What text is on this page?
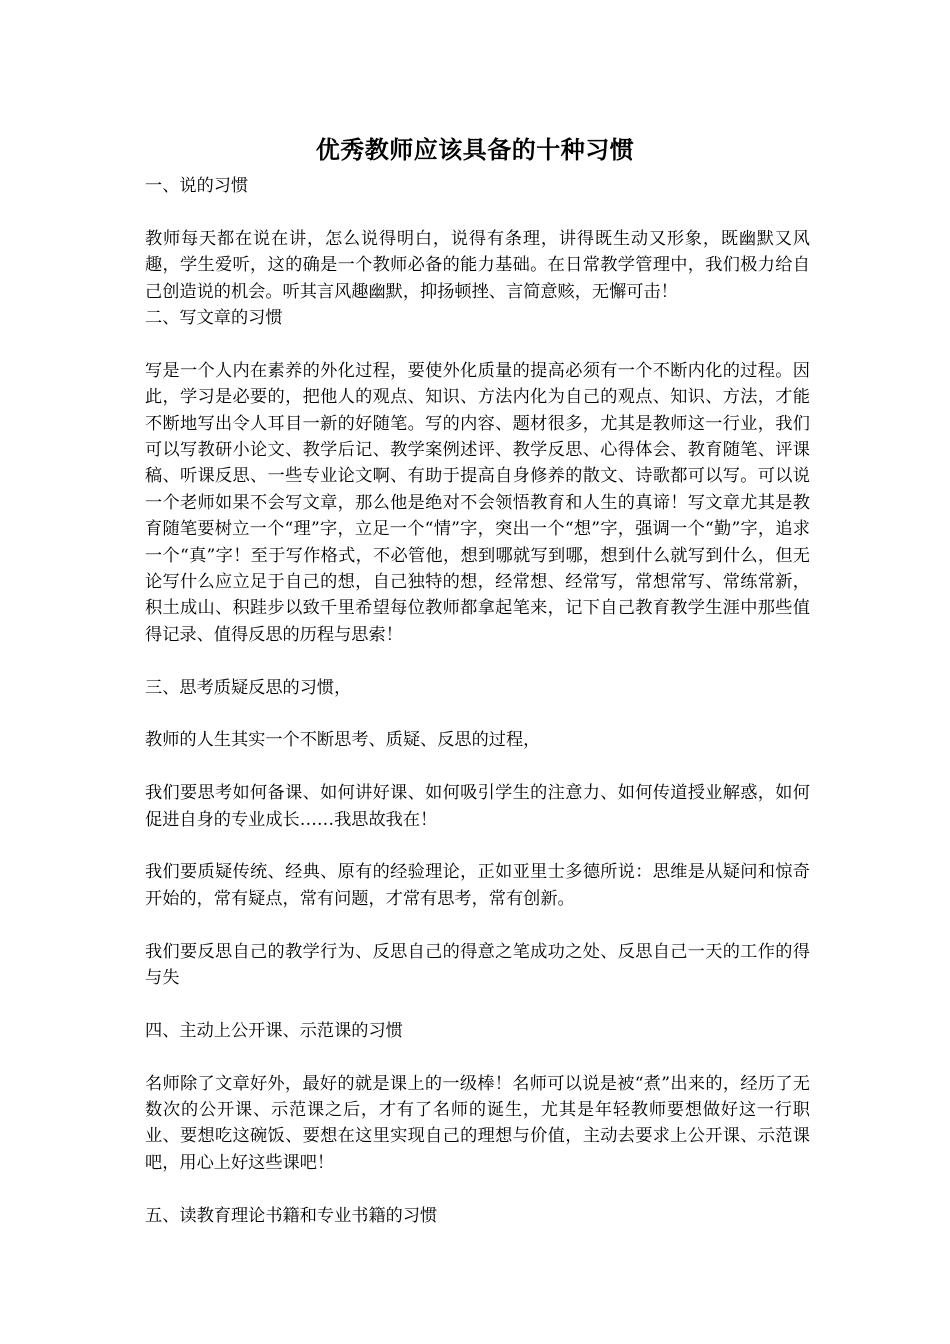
优秀教师应该具备的十种习惯

一、说的习惯

教师每天都在说在讲，怎么说得明白，说得有条理，讲得既生动又形象，既幽默又风趣，学生爱听，这的确是一个教师必备的能力基础。在日常教学管理中，我们极力给自己创造说的机会。听其言风趣幽默，抑扬顿挫、言简意赅，无懈可击！

二、写文章的习惯

写是一个人内在素养的外化过程，要使外化质量的提高必须有一个不断内化的过程。因此，学习是必要的，把他人的观点、知识、方法内化为自己的观点、知识、方法，才能不断地写出令人耳目一新的好随笔。写的内容、题材很多，尤其是教师这一行业，我们可以写教研小论文、教学后记、教学案例述评、教学反思、心得体会、教育随笔、评课稿、听课反思、一些专业论文啊、有助于提高自身修养的散文、诗歌都可以写。可以说一个老师如果不会写文章，那么他是绝对不会领悟教育和人生的真谛！写文章尤其是教育随笔要树立一个“理”字，立足一个“情”字，突出一个“想”字，强调一个“勤”字，追求一个“真”字！至于写作格式，不必管他，想到哪就写到哪，想到什么就写到什么，但无论写什么应立足于自己的想，自己独特的想，经常想、经常写，常想常写、常练常新，积土成山、积跬步以致千里希望每位教师都拿起笔来，记下自己教育教学生涯中那些值得记录、值得反思的历程与思索！

三、思考质疑反思的习惯，

教师的人生其实一个不断思考、质疑、反思的过程，

我们要思考如何备课、如何讲好课、如何吸引学生的注意力、如何传道授业解惑，如何促进自身的专业成长……我思故我在！

我们要质疑传统、经典、原有的经验理论，正如亚里士多德所说：思维是从疑问和惊奇开始的，常有疑点，常有问题，才常有思考，常有创新。

我们要反思自己的教学行为、反思自己的得意之笔成功之处、反思自己一天的工作的得与失

四、主动上公开课、示范课的习惯

名师除了文章好外，最好的就是课上的一级棒！名师可以说是被“煮”出来的，经历了无数次的公开课、示范课之后，才有了名师的诞生，尤其是年轻教师要想做好这一行职业、要想吃这碗饭、要想在这里实现自己的理想与价值，主动去要求上公开课、示范课吧，用心上好这些课吧！

五、读教育理论书籍和专业书籍的习惯
